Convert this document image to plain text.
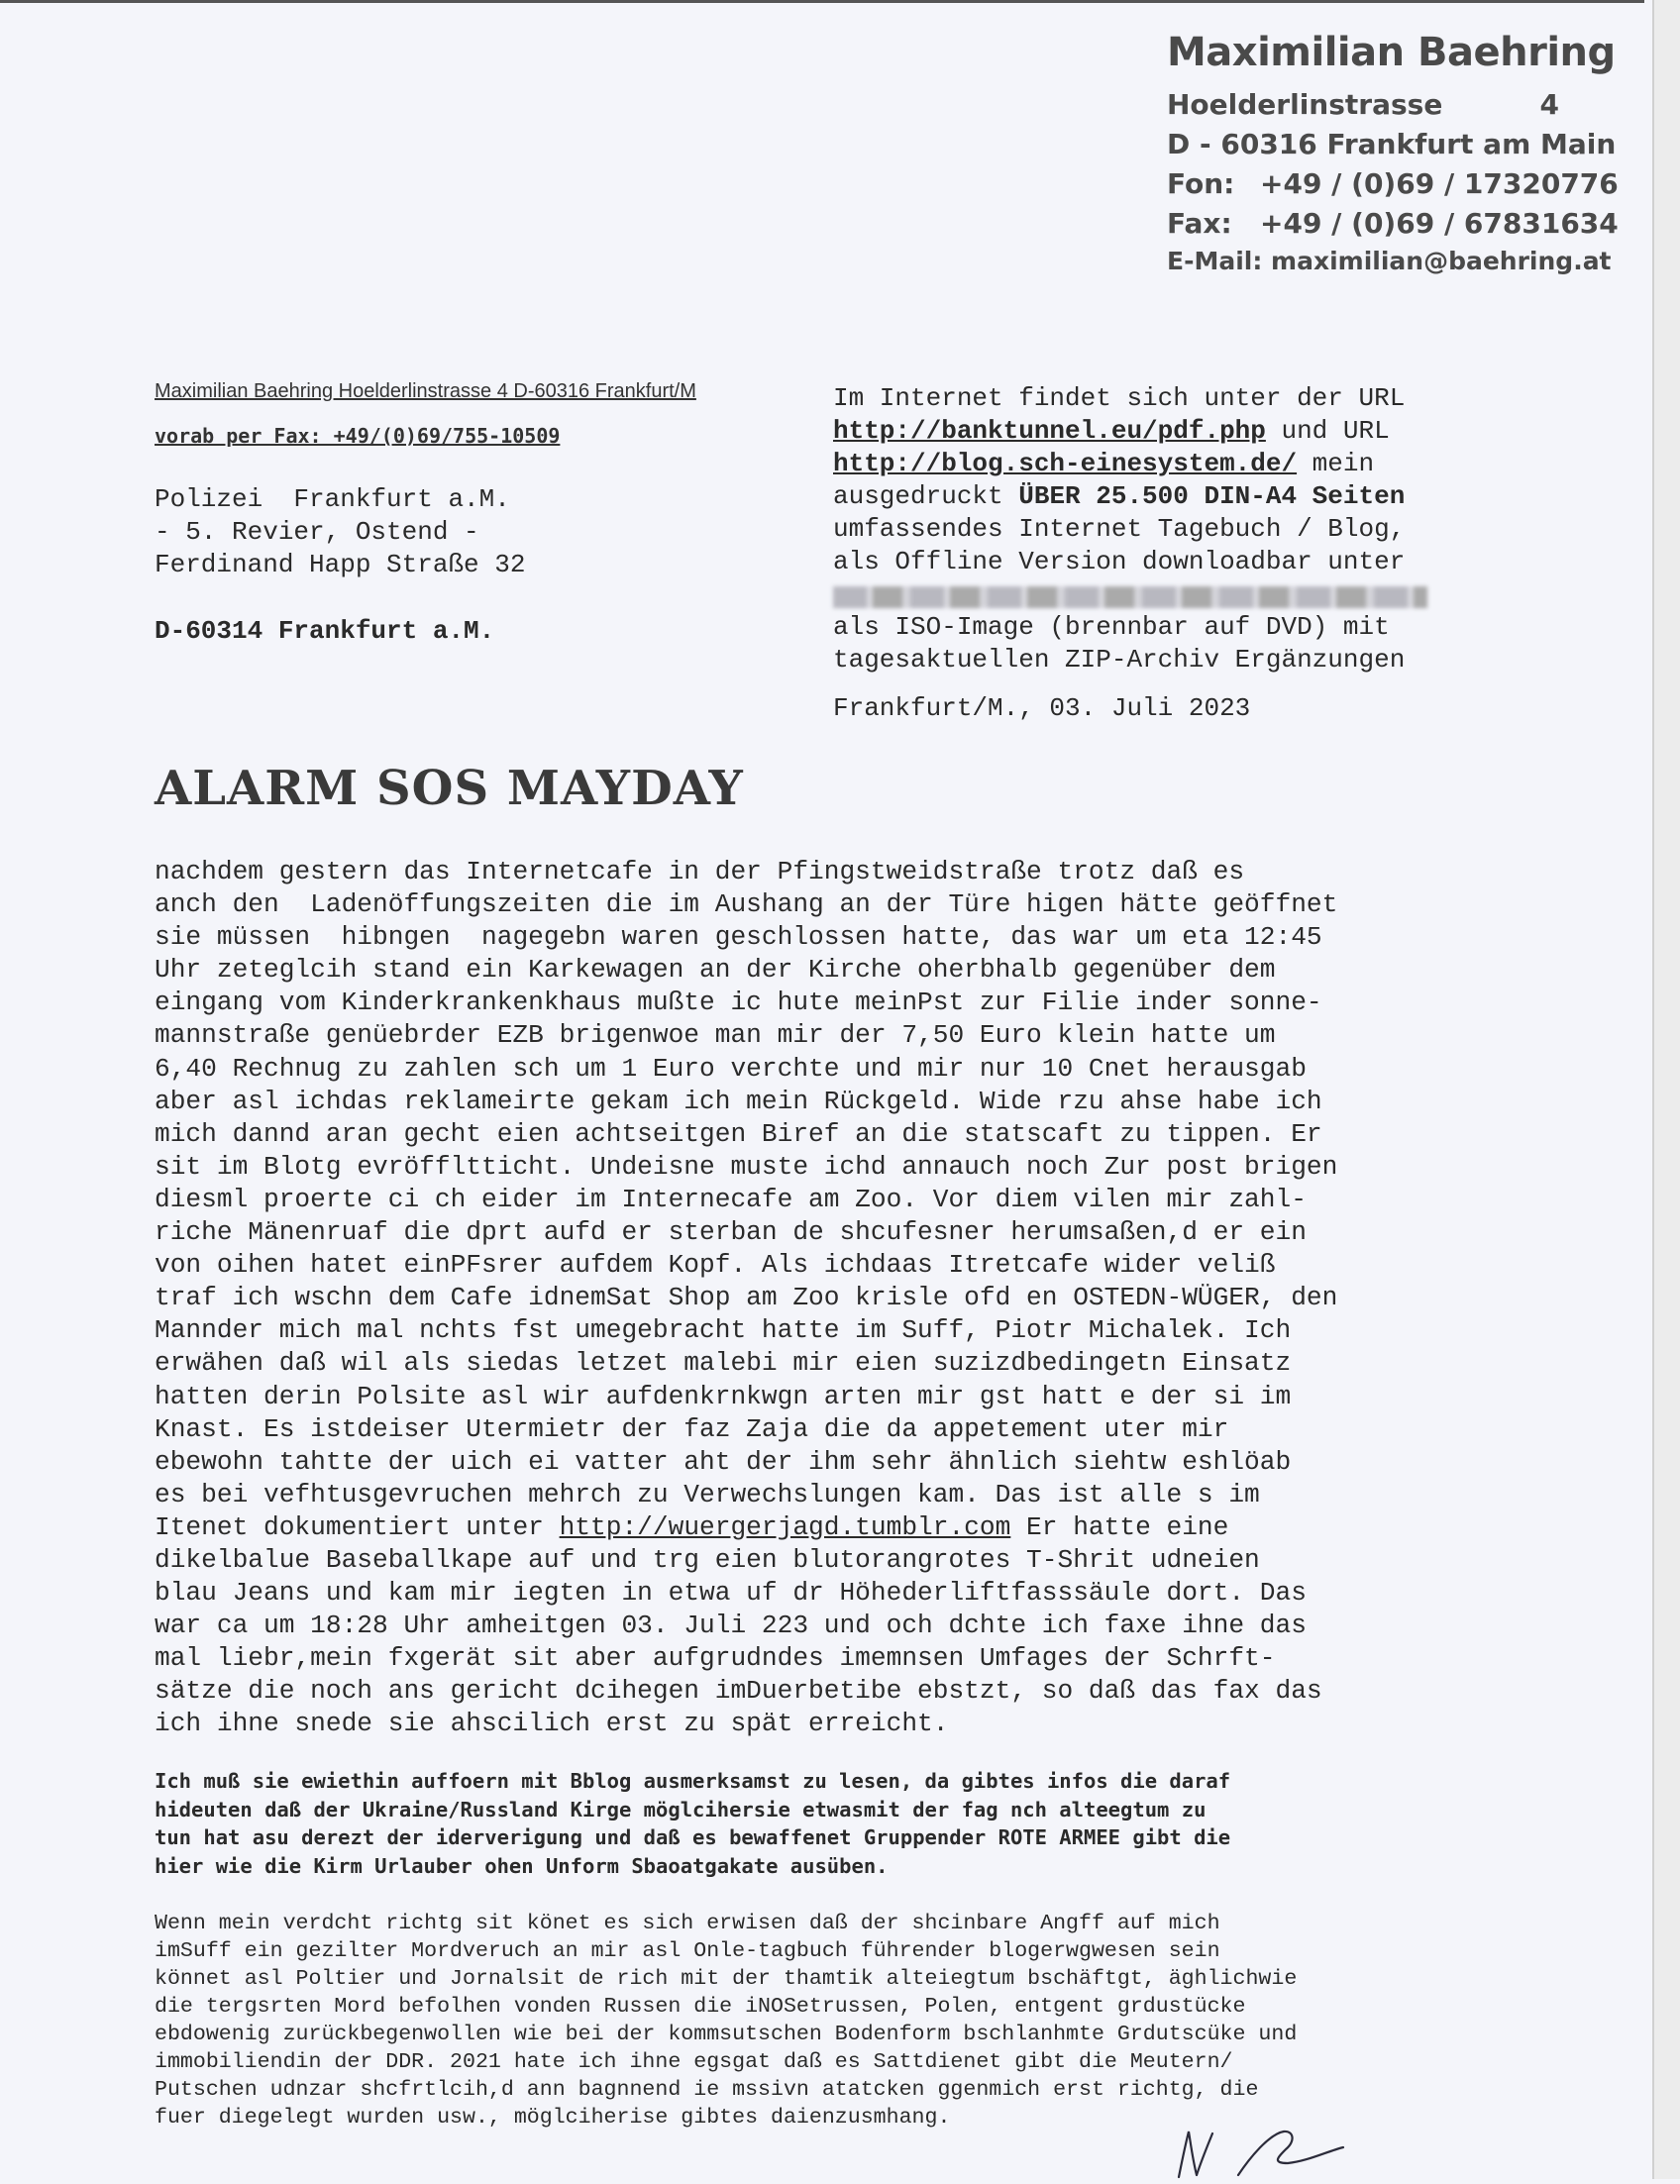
Maximilian Baehring
Hoelderlinstrasse	4
D - 60316 Frankfurt am Main
Fon: +49 / (0)69 / 17320776
Fax:	+49 / (0)69 / 67831634
E-Mail: maximilian@baehring.at
Maximilian Baehring Hoelderlinstrasse 4 D-60316 Frankfurt/M
vorab per Fax: +49/(0)69/755-10509
Polizei  Frankfurt a.M.
- 5. Revier, Ostend -
Ferdinand Happ Straße 32
D-60314 Frankfurt a.M.
Im Internet findet sich unter der URL
http://banktunnel.eu/pdf.php und URL
http://blog.sch-einesystem.de/ mein
ausgedruckt ÜBER 25.500 DIN-A4 Seiten
umfassendes Internet Tagebuch / Blog,
als Offline Version downloadbar unter
als ISO-Image (brennbar auf DVD) mit
tagesaktuellen ZIP-Archiv Ergänzungen
Frankfurt/M., 03. Juli 2023
ALARM SOS MAYDAY
nachdem gestern das Internetcafe in der Pfingstweidstraße trotz daß es
anch den  Ladenöffungszeiten die im Aushang an der Türe higen hätte geöffnet
sie müssen  hibngen  nagegebn waren geschlossen hatte, das war um eta 12:45
Uhr zeteglcih stand ein Karkewagen an der Kirche oherbhalb gegenüber dem
eingang vom Kinderkrankenkhaus mußte ic hute meinPst zur Filie inder sonne-
mannstraße genüebrder EZB brigenwoe man mir der 7,50 Euro klein hatte um
6,40 Rechnug zu zahlen sch um 1 Euro verchte und mir nur 10 Cnet herausgab
aber asl ichdas reklameirte gekam ich mein Rückgeld. Wide rzu ahse habe ich
mich dannd aran gecht eien achtseitgen Biref an die statscaft zu tippen. Er
sit im Blotg evröffltticht. Undeisne muste ichd annauch noch Zur post brigen
diesml proerte ci ch eider im Internecafe am Zoo. Vor diem vilen mir zahl-
riche Mänenruaf die dprt aufd er sterban de shcufesner herumsaßen,d er ein
von oihen hatet einPFsrer aufdem Kopf. Als ichdaas Itretcafe wider veliß
traf ich wschn dem Cafe idnemSat Shop am Zoo krisle ofd en OSTEDN-WÜGER, den
Mannder mich mal nchts fst umegebracht hatte im Suff, Piotr Michalek. Ich
erwähen daß wil als siedas letzet malebi mir eien suzizdbedingetn Einsatz
hatten derin Polsite asl wir aufdenkrnkwgn arten mir gst hatt e der si im
Knast. Es istdeiser Utermietr der faz Zaja die da appetement uter mir
ebewohn tahtte der uich ei vatter aht der ihm sehr ähnlich siehtw eshlöab
es bei vefhtusgevruchen mehrch zu Verwechslungen kam. Das ist alle s im
Itenet dokumentiert unter http://wuergerjagd.tumblr.com Er hatte eine
dikelbalue Baseballkape auf und trg eien blutorangrotes T-Shrit udneien
blau Jeans und kam mir iegten in etwa uf dr Höhederliftfasssäule dort. Das
war ca um 18:28 Uhr amheitgen 03. Juli 223 und och dchte ich faxe ihne das
mal liebr,mein fxgerät sit aber aufgrudndes imemnsen Umfages der Schrft-
sätze die noch ans gericht dcihegen imDuerbetibe ebstzt, so daß das fax das
ich ihne snede sie ahscilich erst zu spät erreicht.
Ich muß sie ewiethin auffoern mit Bblog ausmerksamst zu lesen, da gibtes infos die daraf
hideuten daß der Ukraine/Russland Kirge möglcihersie etwasmit der fag nch alteegtum zu
tun hat asu derezt der iderverigung und daß es bewaffenet Gruppender ROTE ARMEE gibt die
hier wie die Kirm Urlauber ohen Unform Sbaoatgakate ausüben.
Wenn mein verdcht richtg sit könet es sich erwisen daß der shcinbare Angff auf mich
imSuff ein gezilter Mordveruch an mir asl Onle-tagbuch führender blogerwgwesen sein
könnet asl Poltier und Jornalsit de rich mit der thamtik alteiegtum bschäftgt, äghlichwie
die tergsrten Mord befolhen vonden Russen die iNOSetrussen, Polen, entgent grdustücke
ebdowenig zurückbegenwollen wie bei der kommsutschen Bodenform bschlanhmte Grdutscüke und
immobiliendin der DDR. 2021 hate ich ihne egsgat daß es Sattdienet gibt die Meutern/
Putschen udnzar shcfrtlcih,d ann bagnnend ie mssivn atatcken ggenmich erst richtg, die
fuer diegelegt wurden usw., möglciherise gibtes daienzusmhang.
